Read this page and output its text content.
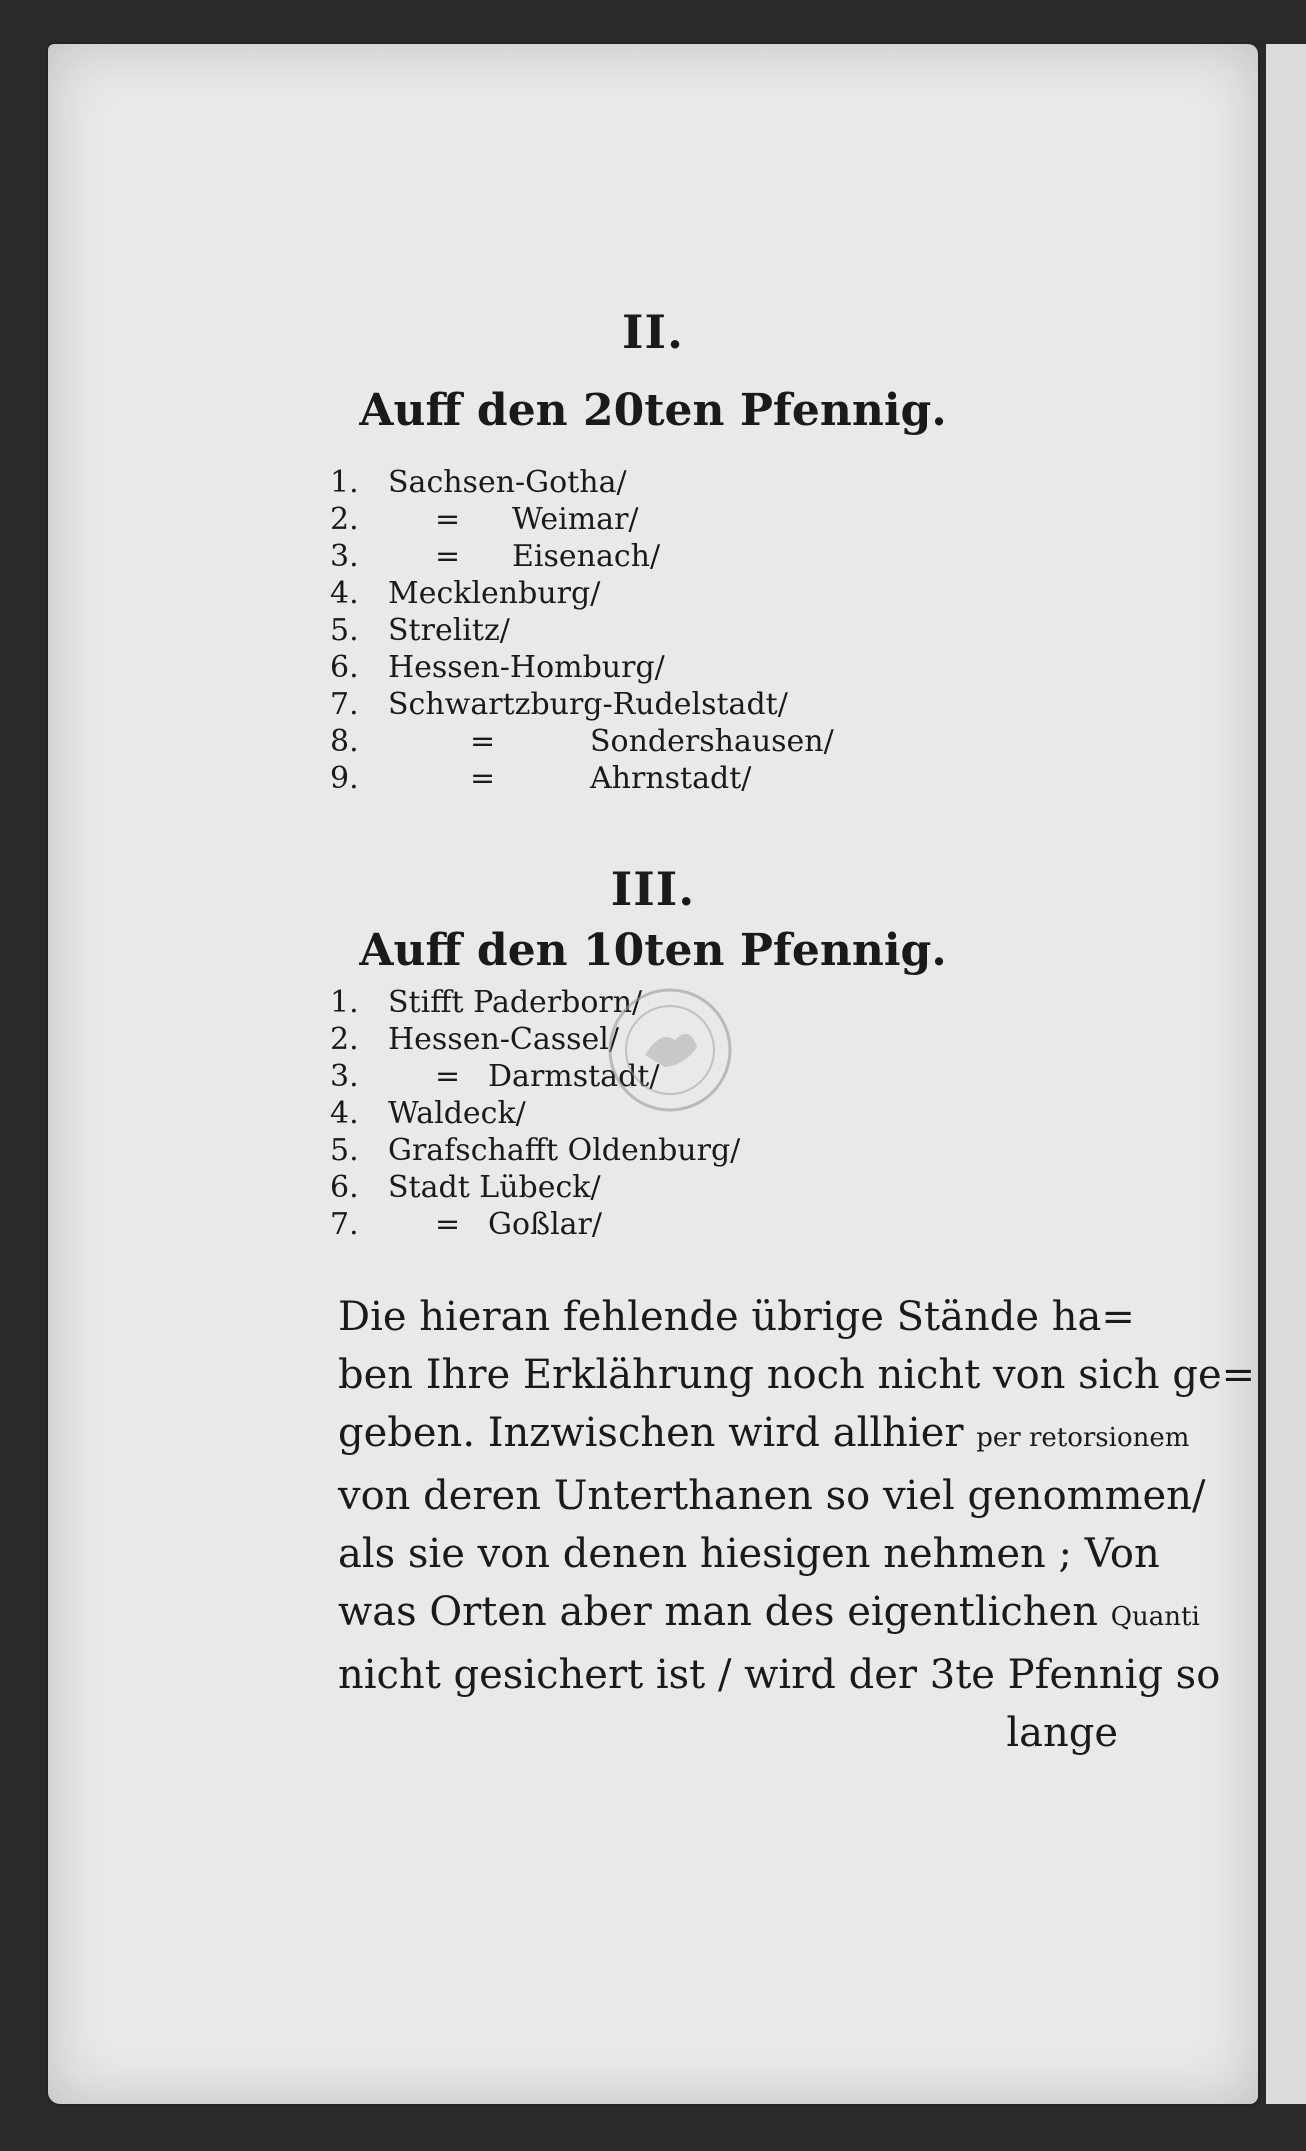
II.
Auff den 20ten Pfennig.
1. Sachsen-Gotha/
2.	= Weimar/
3.	= Eisenach/
4. Mecklenburg/
5. Strelitz/
6. Hessen-Homburg/
7. Schwartzburg-Rudelstadt/
8.	=	Sondershausen/
9.	=	Ahrnstadt/
III.
Auff den 10ten Pfennig.
1. Stifft Paderborn/
2. Hessen-Cassel/
3.	= Darmstadt/
4. Waldeck/
5. Grafschafft Oldenburg/
6. Stadt Lübeck/
7.	= Goßlar/
Die hieran fehlende übrige Stände ha=
ben Ihre Erklährung noch nicht von sich ge=
geben. Inzwischen wird allhier per retorsionem
von deren Unterthanen so viel genommen/
als sie von denen hiesigen nehmen ; Von
was Orten aber man des eigentlichen Quanti
nicht gesichert ist / wird der 3te Pfennig so
lange
